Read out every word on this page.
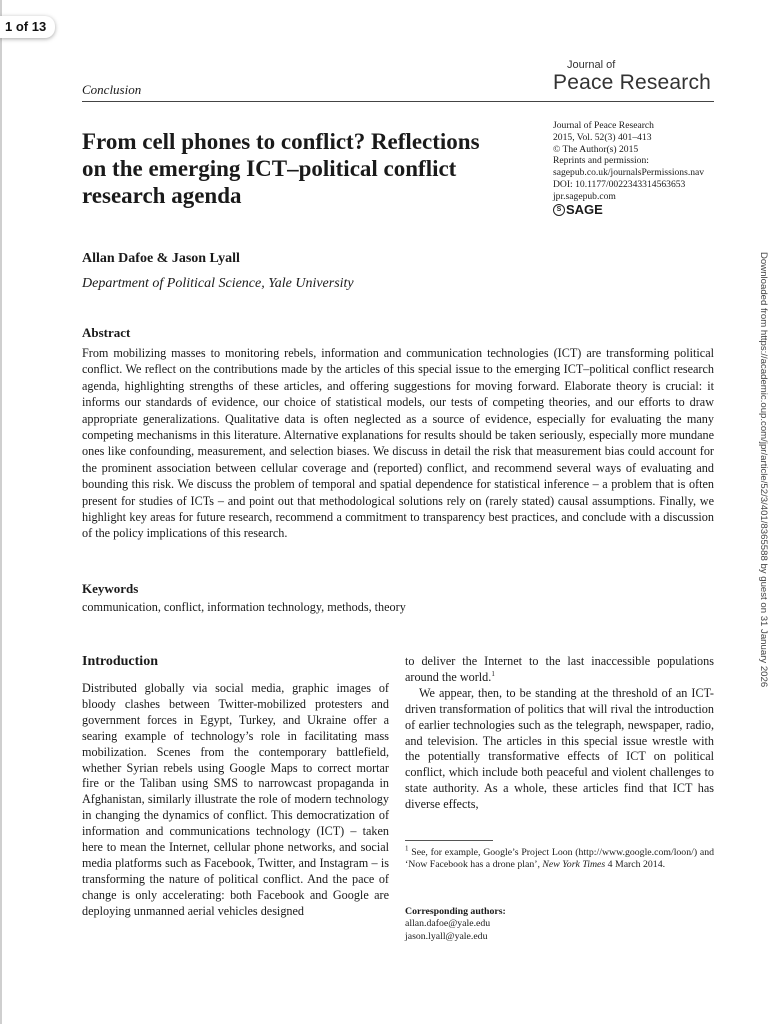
1 of 13
Conclusion
Journal of
Peace Research
From cell phones to conflict? Reflections on the emerging ICT–political conflict research agenda
Journal of Peace Research
2015, Vol. 52(3) 401–413
© The Author(s) 2015
Reprints and permission:
sagepub.co.uk/journalsPermissions.nav
DOI: 10.1177/0022343314563653
jpr.sagepub.com
S SAGE
Allan Dafoe & Jason Lyall
Department of Political Science, Yale University
Abstract

From mobilizing masses to monitoring rebels, information and communication technologies (ICT) are transforming political conflict. We reflect on the contributions made by the articles of this special issue to the emerging ICT–political conflict research agenda, highlighting strengths of these articles, and offering suggestions for moving forward. Elaborate theory is crucial: it informs our standards of evidence, our choice of statistical models, our tests of competing theories, and our efforts to draw appropriate generalizations. Qualitative data is often neglected as a source of evidence, especially for evaluating the many competing mechanisms in this literature. Alternative explanations for results should be taken seriously, especially more mundane ones like confounding, measurement, and selection biases. We discuss in detail the risk that measurement bias could account for the prominent association between cellular coverage and (reported) conflict, and recommend several ways of evaluating and bounding this risk. We discuss the problem of temporal and spatial dependence for statistical inference – a problem that is often present for studies of ICTs – and point out that methodological solutions rely on (rarely stated) causal assumptions. Finally, we highlight key areas for future research, recommend a commitment to transparency best practices, and conclude with a discussion of the policy implications of this research.

Keywords
communication, conflict, information technology, methods, theory
Introduction

Distributed globally via social media, graphic images of bloody clashes between Twitter-mobilized protesters and government forces in Egypt, Turkey, and Ukraine offer a searing example of technology’s role in facilitating mass mobilization. Scenes from the contemporary battlefield, whether Syrian rebels using Google Maps to correct mortar fire or the Taliban using SMS to narrowcast propaganda in Afghanistan, similarly illustrate the role of modern technology in changing the dynamics of conflict. This democratization of information and communications technology (ICT) – taken here to mean the Internet, cellular phone networks, and social media platforms such as Facebook, Twitter, and Instagram – is transforming the nature of political conflict. And the pace of change is only accelerating: both Facebook and Google are deploying unmanned aerial vehicles designed

to deliver the Internet to the last inaccessible populations around the world.$^1$

We appear, then, to be standing at the threshold of an ICT-driven transformation of politics that will rival the introduction of earlier technologies such as the telegraph, newspaper, radio, and television. The articles in this special issue wrestle with the potentially transformative effects of ICT on political conflict, which include both peaceful and violent challenges to state authority. As a whole, these articles find that ICT has diverse effects,

$^1$ See, for example, Google’s Project Loon (http://www.google.com/loon/) and ‘Now Facebook has a drone plan’, New York Times 4 March 2014.

Corresponding authors:
allan.dafoe@yale.edu
jason.lyall@yale.edu
Downloaded from https://academic.oup.com/jpr/article/52/3/401/8365588 by guest on 31 January 2026
